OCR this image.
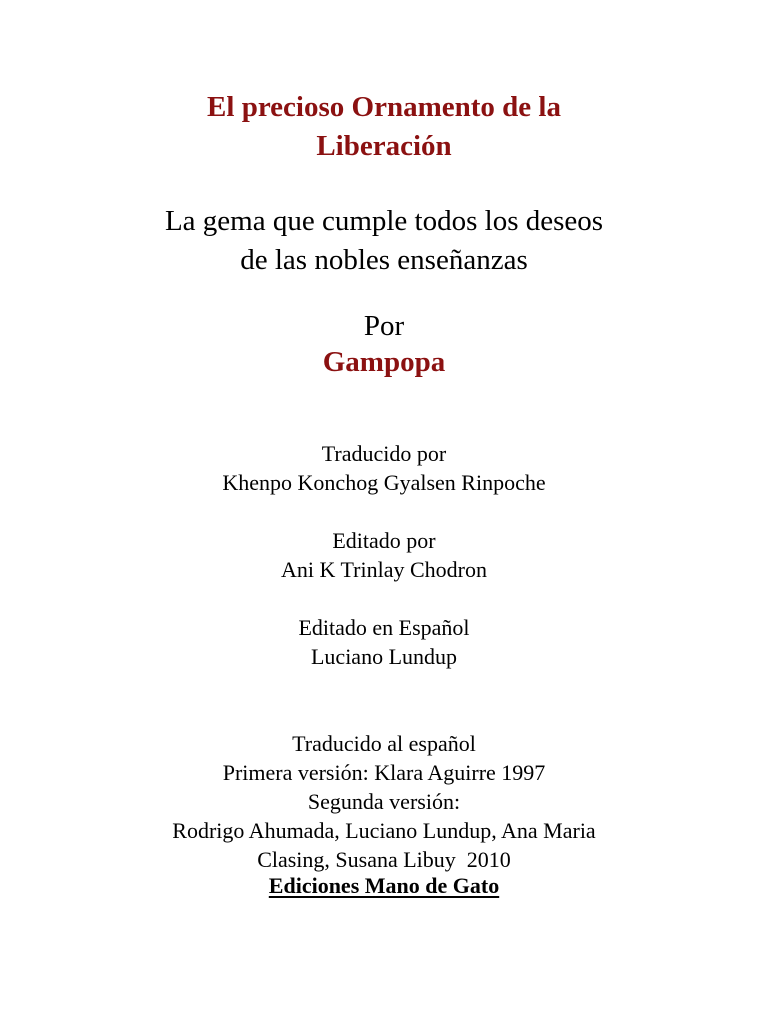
El precioso Ornamento de la
Liberación
La gema que cumple todos los deseos
de las nobles enseñanzas
Por
Gampopa
Traducido por
Khenpo Konchog Gyalsen Rinpoche
Editado por
Ani K Trinlay Chodron
Editado en Español
Luciano Lundup
Traducido al español
Primera versión: Klara Aguirre 1997
Segunda versión:
Rodrigo Ahumada, Luciano Lundup, Ana Maria
Clasing, Susana Libuy  2010
Ediciones Mano de Gato
